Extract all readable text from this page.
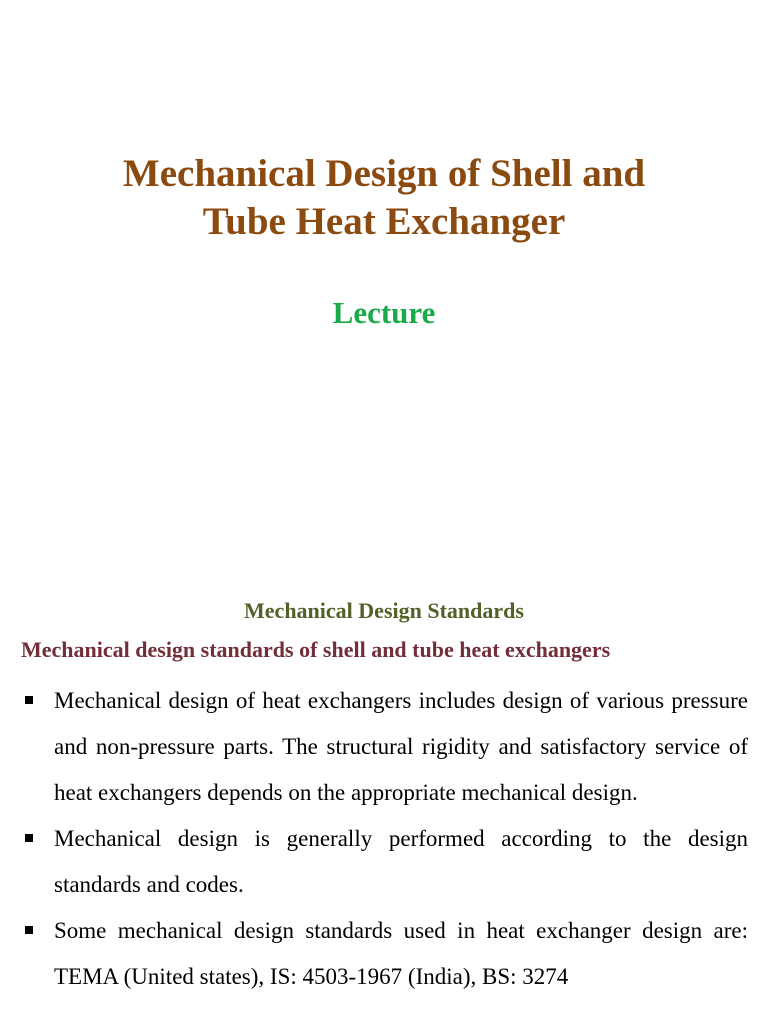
Mechanical Design of Shell and
Tube Heat Exchanger
Lecture
Mechanical Design Standards
Mechanical design standards of shell and tube heat exchangers
Mechanical design of heat exchangers includes design of various pressure and non-pressure parts. The structural rigidity and satisfactory service of heat exchangers depends on the appropriate mechanical design.
Mechanical design is generally performed according to the design standards and codes.
Some mechanical design standards used in heat exchanger design are: TEMA (United states), IS: 4503-1967 (India), BS: 3274
